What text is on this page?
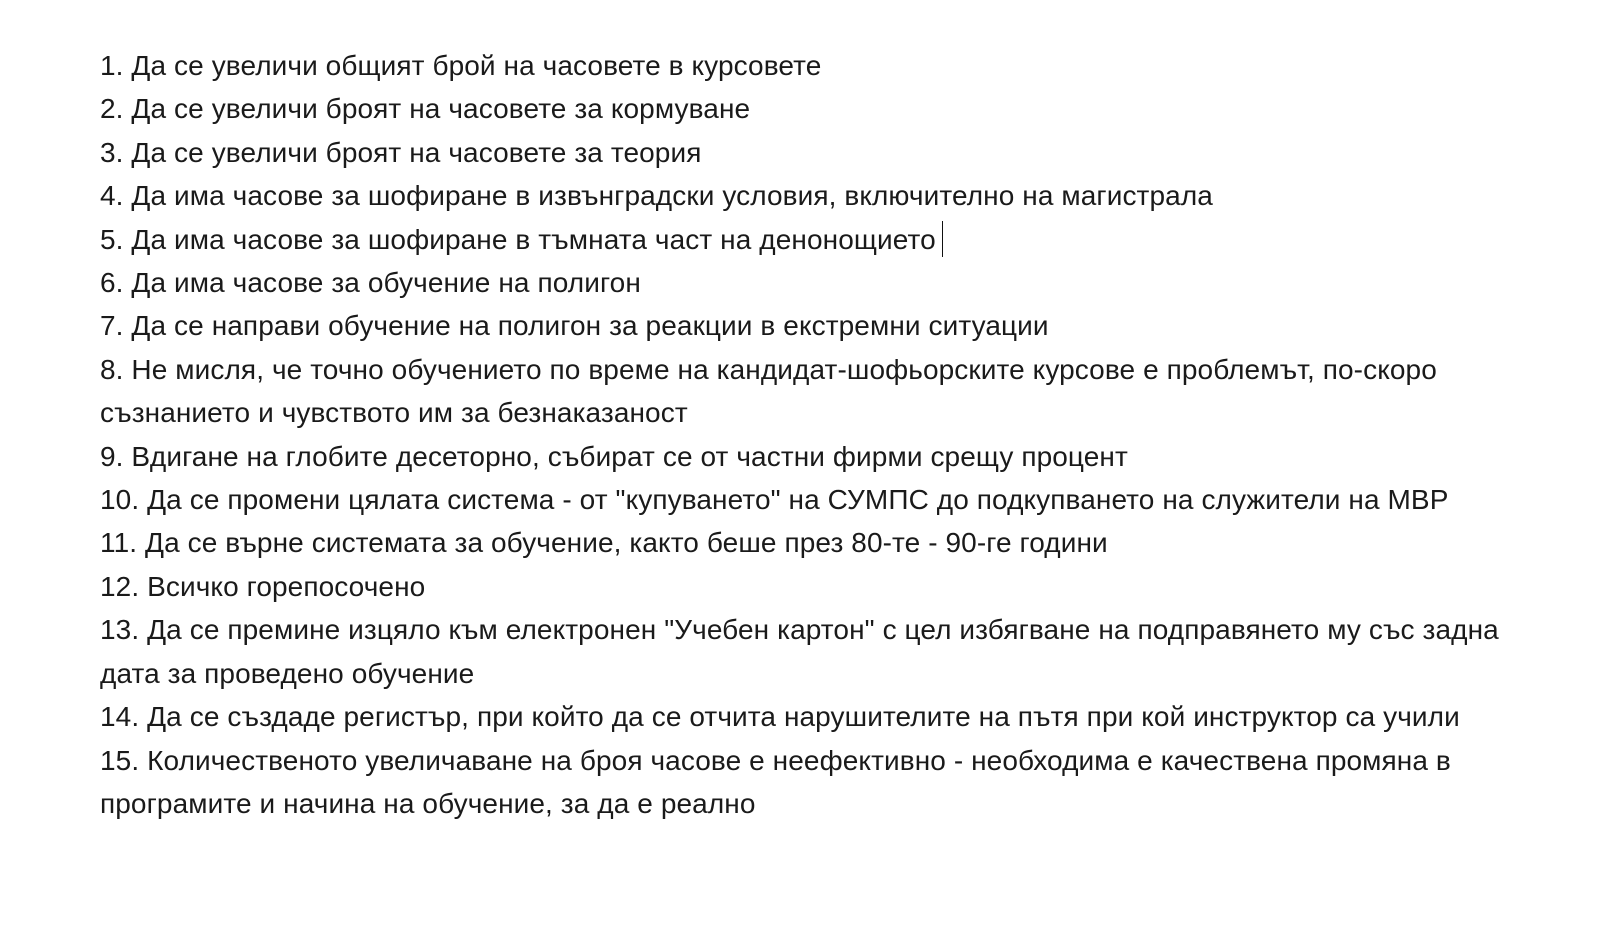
1. Да се увеличи общият брой на часовете в курсовете

2. Да се увеличи броят на часовете за кормуване

3. Да се увеличи броят на часовете за теория

4. Да има часове за шофиране в извънградски условия, включително на магистрала

5. Да има часове за шофиране в тъмната част на денонощието

6. Да има часове за обучение на полигон

7. Да се направи обучение на полигон за реакции в екстремни ситуации

8. Не мисля, че точно обучението по време на кандидат-шофьорските курсове е проблемът, по-скоро съзнанието и чувството им за безнаказаност

9. Вдигане на глобите десеторно, събират се от частни фирми срещу процент

10. Да се промени цялата система - от "купуването" на СУМПС до подкупването на служители на МВР

11. Да се върне системата за обучение, както беше през 80-те - 90-ге години

12. Всичко горепосочено

13. Да се премине изцяло към електронен "Учебен картон" с цел избягване на подправянето му със задна дата за проведено обучение

14. Да се създаде регистър, при който да се отчита нарушителите на пътя при кой инструктор са учили

15. Количественото увеличаване на броя часове е неефективно - необходима е качествена промяна в програмите и начина на обучение, за да е реално
